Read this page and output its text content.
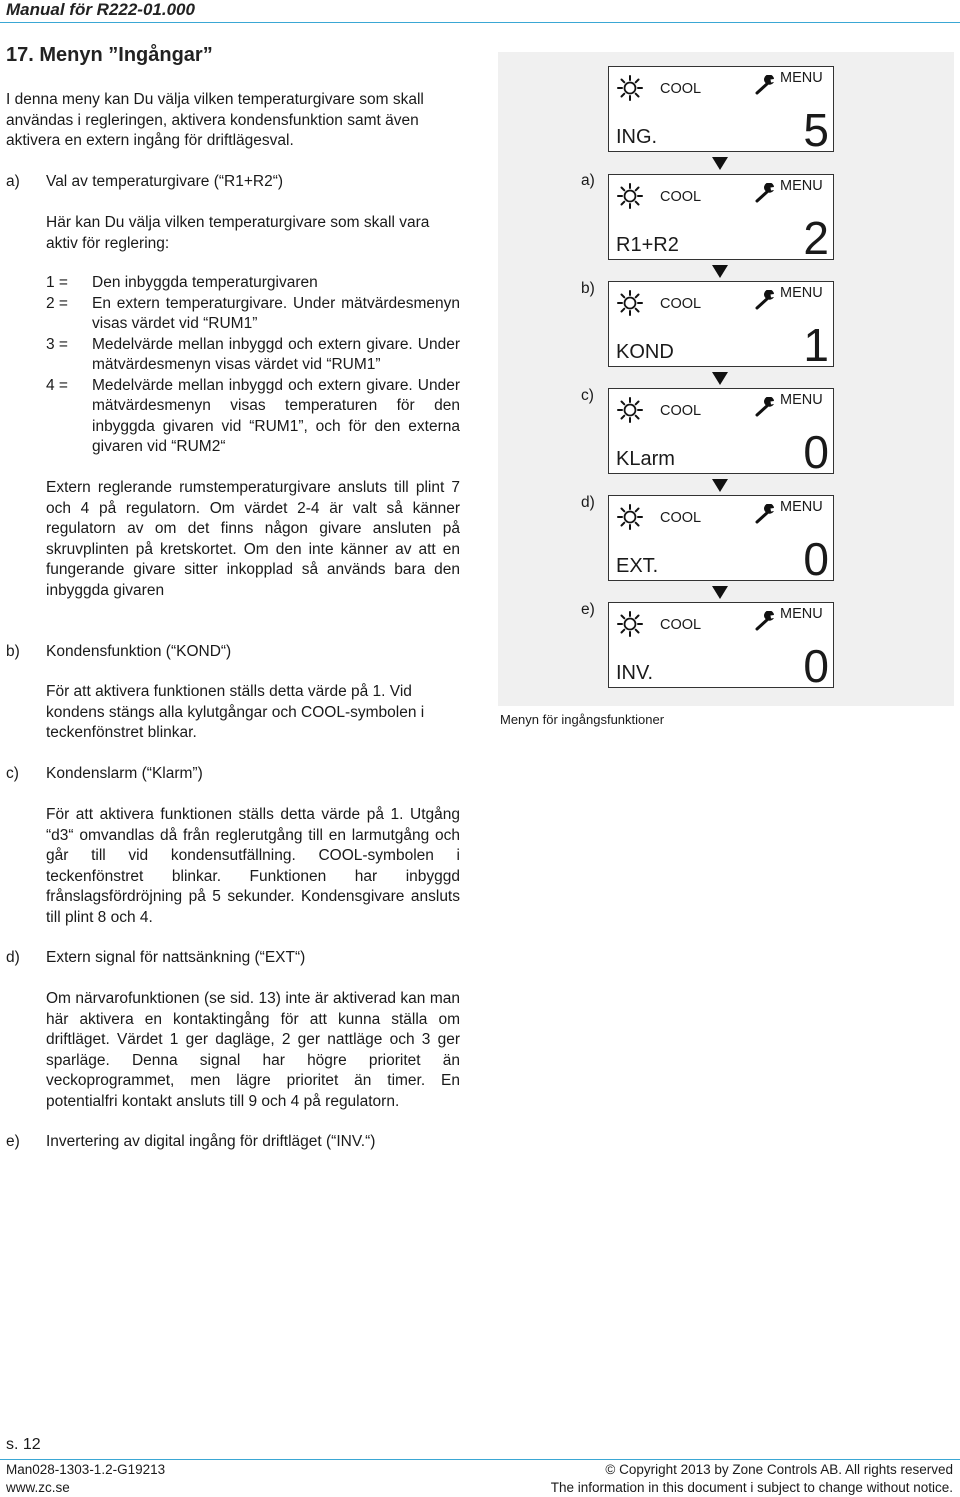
Manual för R222-01.000
17. Menyn ”Ingångar”
I denna meny kan Du välja vilken temperaturgivare som skall användas i regleringen, aktivera kondensfunktion samt även aktivera en extern ingång för driftlägesval.
a) Val av temperaturgivare (“R1+R2“)
Här kan Du välja vilken temperaturgivare som skall vara aktiv för reglering:
1 = Den inbyggda temperaturgivaren
2 = En extern temperaturgivare. Under mätvärdesmenyn visas värdet vid “RUM1”
3 = Medelvärde mellan inbyggd och extern givare. Under mätvärdesmenyn visas värdet vid “RUM1”
4 = Medelvärde mellan inbyggd och extern givare. Under mätvärdesmenyn visas temperaturen för den inbyggda givaren vid “RUM1”, och för den externa givaren vid “RUM2“
Extern reglerande rumstemperaturgivare ansluts till plint 7 och 4 på regulatorn. Om värdet 2-4 är valt så känner regulatorn av om det finns någon givare ansluten på skruvplinten på kretskortet. Om den inte känner av att en fungerande givare sitter inkopplad så används bara den inbyggda givaren
b) Kondensfunktion (“KOND“)
För att aktivera funktionen ställs detta värde på 1. Vid kondens stängs alla kylutgångar och COOL-symbolen i teckenfönstret blinkar.
c) Kondenslarm (“Klarm”)
För att aktivera funktionen ställs detta värde på 1. Utgång “d3“ omvandlas då från reglerutgång till en larmutgång och går till vid kondensutfällning. COOL-symbolen i teckenfönstret blinkar. Funktionen har inbyggd frånslagsfördröjning på 5 sekunder. Kondensgivare ansluts till plint 8 och 4.
d) Extern signal för nattsänkning (“EXT“)
Om närvarofunktionen (se sid. 13) inte är aktiverad kan man här aktivera en kontaktingång för att kunna ställa om driftläget. Värdet 1 ger dagläge, 2 ger nattläge och 3 ger sparläge. Denna signal har högre prioritet än veckoprogrammet, men lägre prioritet än timer. En potentialfri kontakt ansluts till 9 och 4 på regulatorn.
e) Invertering av digital ingång för driftläget (“INV.“)
COOL
MENU
ING.	5
a)
COOL
MENU
R1+R2	2
b)
COOL
MENU
KOND	1
c)
COOL
MENU
KLarm	0
d)
COOL
MENU
EXT.	0
e)
COOL
MENU
INV.	0
Menyn för ingångsfunktioner
s. 12
Man028-1303-1.2-G19213
www.zc.se
© Copyright 2013 by Zone Controls AB. All rights reserved
The information in this document i subject to change without notice.
